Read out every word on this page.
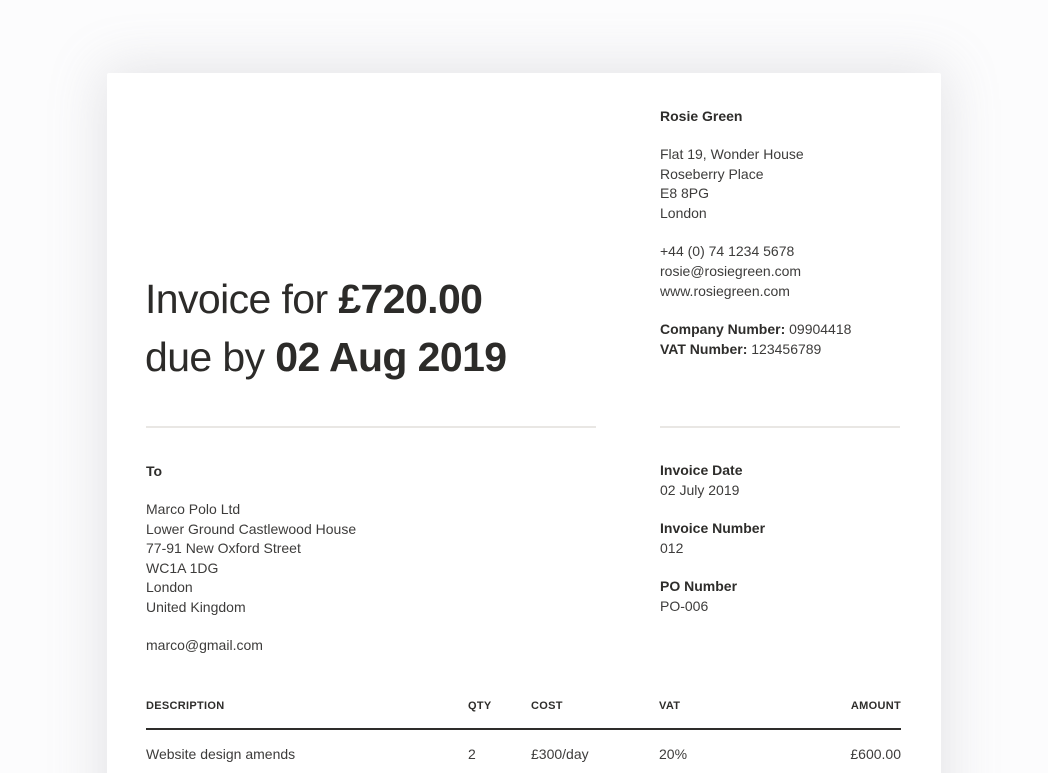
Rosie Green
Flat 19, Wonder House
Roseberry Place
E8 8PG
London
+44 (0) 74 1234 5678
rosie@rosiegreen.com
www.rosiegreen.com
Company Number: 09904418
VAT Number: 123456789
Invoice for £720.00
due by 02 Aug 2019
To
Marco Polo Ltd
Lower Ground Castlewood House
77-91 New Oxford Street
WC1A 1DG
London
United Kingdom
marco@gmail.com
Invoice Date
02 July 2019
Invoice Number
012
PO Number
PO-006
DESCRIPTION	QTY	COST	VAT	AMOUNT
Website design amends	2	£300/day	20%	£600.00
